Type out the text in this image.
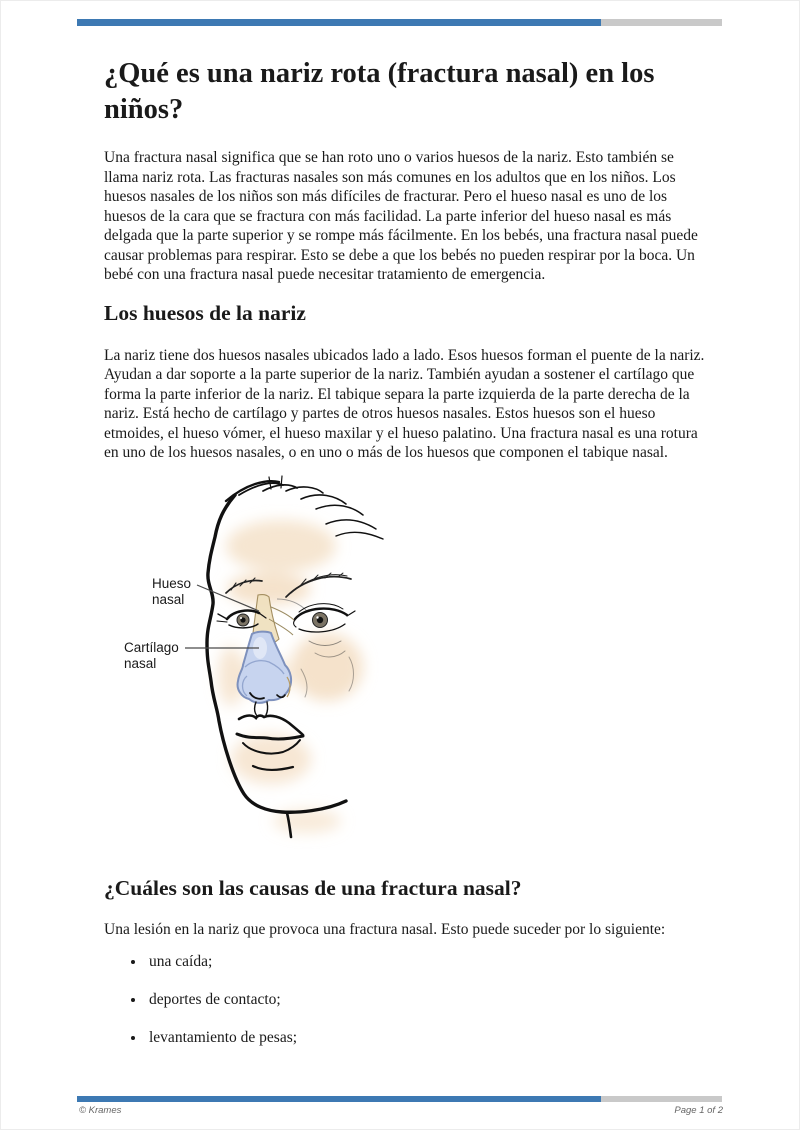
¿Qué es una nariz rota (fractura nasal) en los niños?

Una fractura nasal significa que se han roto uno o varios huesos de la nariz. Esto también se llama nariz rota. Las fracturas nasales son más comunes en los adultos que en los niños. Los huesos nasales de los niños son más difíciles de fracturar. Pero el hueso nasal es uno de los huesos de la cara que se fractura con más facilidad. La parte inferior del hueso nasal es más delgada que la parte superior y se rompe más fácilmente. En los bebés, una fractura nasal puede causar problemas para respirar. Esto se debe a que los bebés no pueden respirar por la boca. Un bebé con una fractura nasal puede necesitar tratamiento de emergencia.

Los huesos de la nariz

La nariz tiene dos huesos nasales ubicados lado a lado. Esos huesos forman el puente de la nariz. Ayudan a dar soporte a la parte superior de la nariz. También ayudan a sostener el cartílago que forma la parte inferior de la nariz. El tabique separa la parte izquierda de la parte derecha de la nariz. Está hecho de cartílago y partes de otros huesos nasales. Estos huesos son el hueso etmoides, el hueso vómer, el hueso maxilar y el hueso palatino. Una fractura nasal es una rotura en uno de los huesos nasales, o en uno o más de los huesos que componen el tabique nasal.

Hueso
nasal
Cartílago
nasal
¿Cuáles son las causas de una fractura nasal?

Una lesión en la nariz que provoca una fractura nasal. Esto puede suceder por lo siguiente:

• una caída;
• deportes de contacto;
• levantamiento de pesas;
© Krames	Page 1 of 2
